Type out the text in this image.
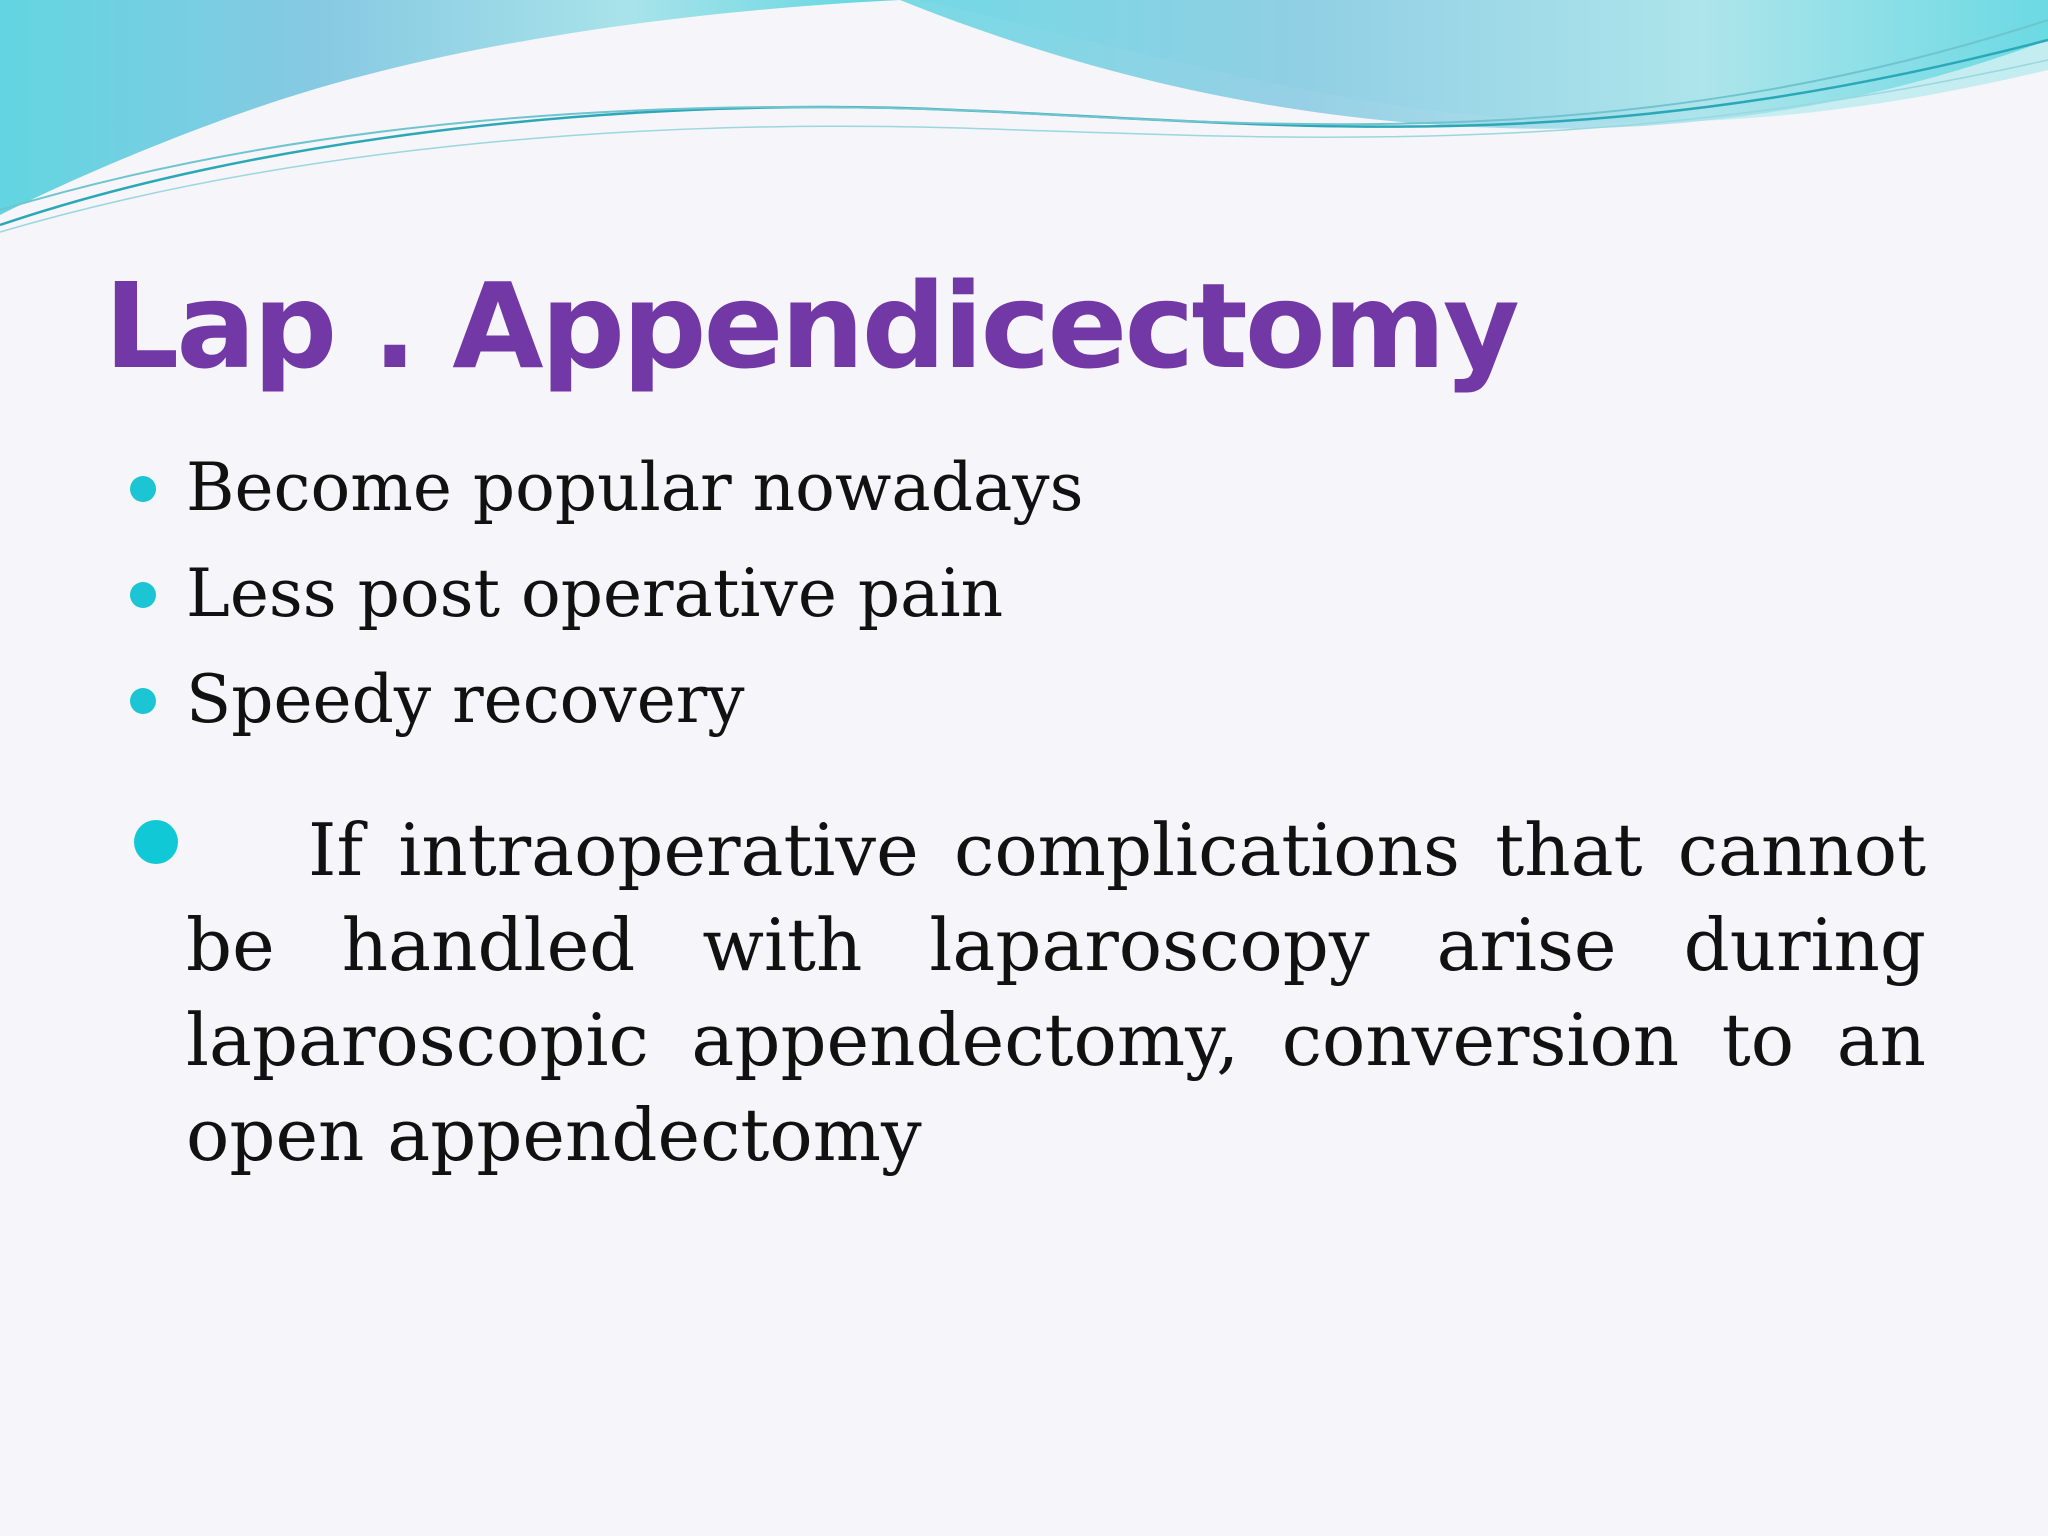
Lap . Appendicectomy
Become popular nowadays
Less post operative pain
Speedy recovery

If intraoperative complications that cannot be handled with laparoscopy arise during laparoscopic appendectomy, conversion to an open appendectomy
